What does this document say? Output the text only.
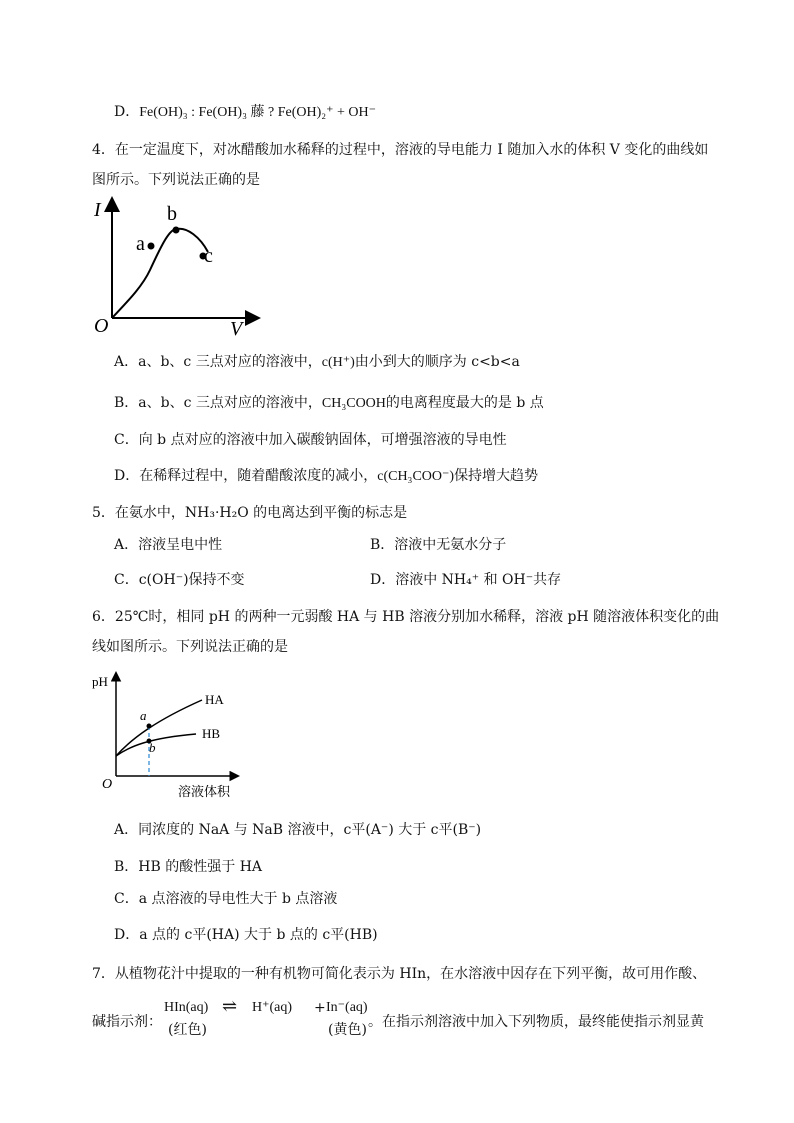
D．Fe(OH)₃ : Fe(OH)₃ 藤 ? Fe(OH)₂⁺ + OH⁻
4．在一定温度下，对冰醋酸加水稀释的过程中，溶液的导电能力 I 随加入水的体积 V 变化的曲线如
图所示。下列说法正确的是
I
V
O
a
b
c
A．a、b、c 三点对应的溶液中，c(H⁺)由小到大的顺序为 c<b<a
B．a、b、c 三点对应的溶液中，CH₃COOH的电离程度最大的是 b 点
C．向 b 点对应的溶液中加入碳酸钠固体，可增强溶液的导电性
D．在稀释过程中，随着醋酸浓度的减小，c(CH₃COO⁻)保持增大趋势
5．在氨水中，NH₃·H₂O 的电离达到平衡的标志是
A．溶液呈电中性	B．溶液中无氨水分子
C．c(OH⁻)保持不变	D．溶液中 NH₄⁺ 和 OH⁻共存
6．25℃时，相同 pH 的两种一元弱酸 HA 与 HB 溶液分别加水稀释，溶液 pH 随溶液体积变化的曲
线如图所示。下列说法正确的是
pH
O
HA
HB
a
b
溶液体积
A．同浓度的 NaA 与 NaB 溶液中，c平(A⁻) 大于 c平(B⁻)
B．HB 的酸性强于 HA
C．a 点溶液的导电性大于 b 点溶液
D．a 点的 c平(HA) 大于 b 点的 c平(HB)
7．从植物花汁中提取的一种有机物可简化表示为 HIn，在水溶液中因存在下列平衡，故可用作酸、
碱指示剂：
HIn(aq) ⇌ H⁺(aq) + In⁻(aq)
(红色)	(黄色) 。在指示剂溶液中加入下列物质，最终能使指示剂显黄
